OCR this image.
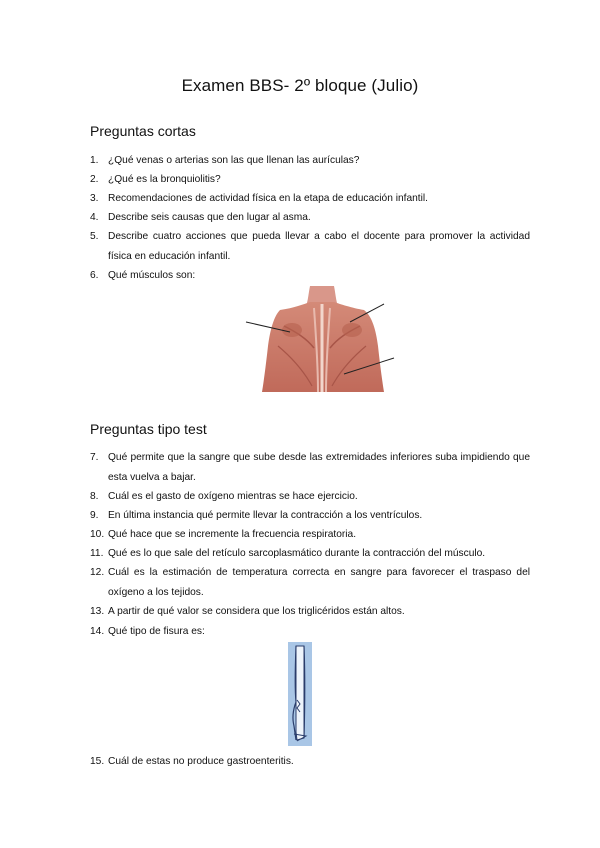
Examen BBS- 2º bloque (Julio)
Preguntas cortas
1. ¿Qué venas o arterias son las que llenan las aurículas?
2. ¿Qué es la bronquiolitis?
3. Recomendaciones de actividad física en la etapa de educación infantil.
4. Describe seis causas que den lugar al asma.
5. Describe cuatro acciones que pueda llevar a cabo el docente para promover la actividad física en educación infantil.
6. Qué músculos son:
Preguntas tipo test
7. Qué permite que la sangre que sube desde las extremidades inferiores suba impidiendo que esta vuelva a bajar.
8. Cuál es el gasto de oxígeno mientras se hace ejercicio.
9. En última instancia qué permite llevar la contracción a los ventrículos.
10. Qué hace que se incremente la frecuencia respiratoria.
11. Qué es lo que sale del retículo sarcoplasmático durante la contracción del músculo.
12. Cuál es la estimación de temperatura correcta en sangre para favorecer el traspaso del oxígeno a los tejidos.
13. A partir de qué valor se considera que los triglicéridos están altos.
14. Qué tipo de fisura es:
15. Cuál de estas no produce gastroenteritis.
